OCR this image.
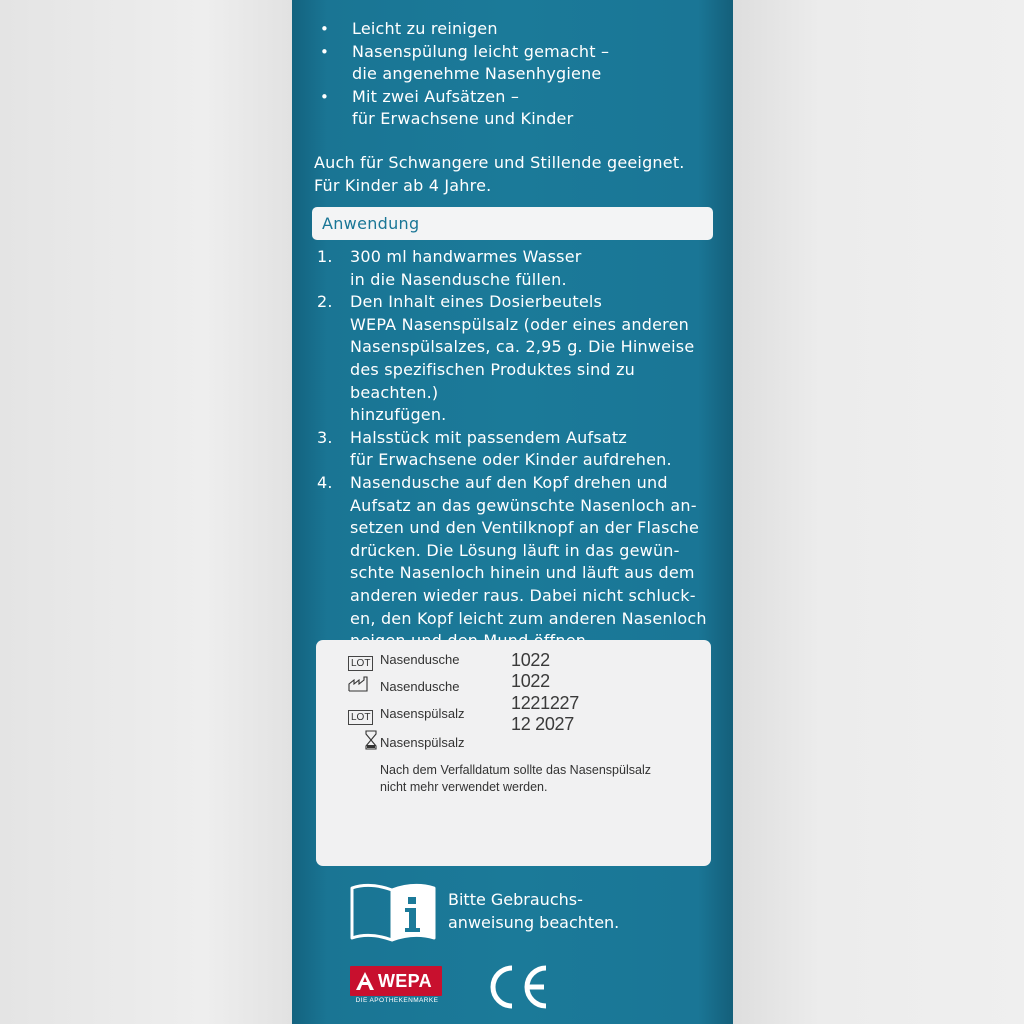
• Leicht zu reinigen
• Nasenspülung leicht gemacht –
die angenehme Nasenhygiene
• Mit zwei Aufsätzen –
für Erwachsene und Kinder
Auch für Schwangere und Stillende geeignet.
Für Kinder ab 4 Jahre.
Anwendung
1. 300 ml handwarmes Wasser
in die Nasendusche füllen.
2. Den Inhalt eines Dosierbeutels
WEPA Nasenspülsalz (oder eines anderen
Nasenspülsalzes, ca. 2,95 g. Die Hinweise
des spezifischen Produktes sind zu beachten.)
hinzufügen.
3. Halsstück mit passendem Aufsatz
für Erwachsene oder Kinder aufdrehen.
4. Nasendusche auf den Kopf drehen und
Aufsatz an das gewünschte Nasenloch an-
setzen und den Ventilknopf an der Flasche
drücken. Die Lösung läuft in das gewün-
schte Nasenloch hinein und läuft aus dem
anderen wieder raus. Dabei nicht schluck-
en, den Kopf leicht zum anderen Nasenloch
LOT Nasendusche
Nasendusche
LOT Nasenspülsalz
Nasenspülsalz
1022
1022
1221227
12 2027
Nach dem Verfalldatum sollte das Nasenspülsalz
nicht mehr verwendet werden.
Bitte Gebrauchs-
anweisung beachten.
WEPA
DIE APOTHEKENMARKE
